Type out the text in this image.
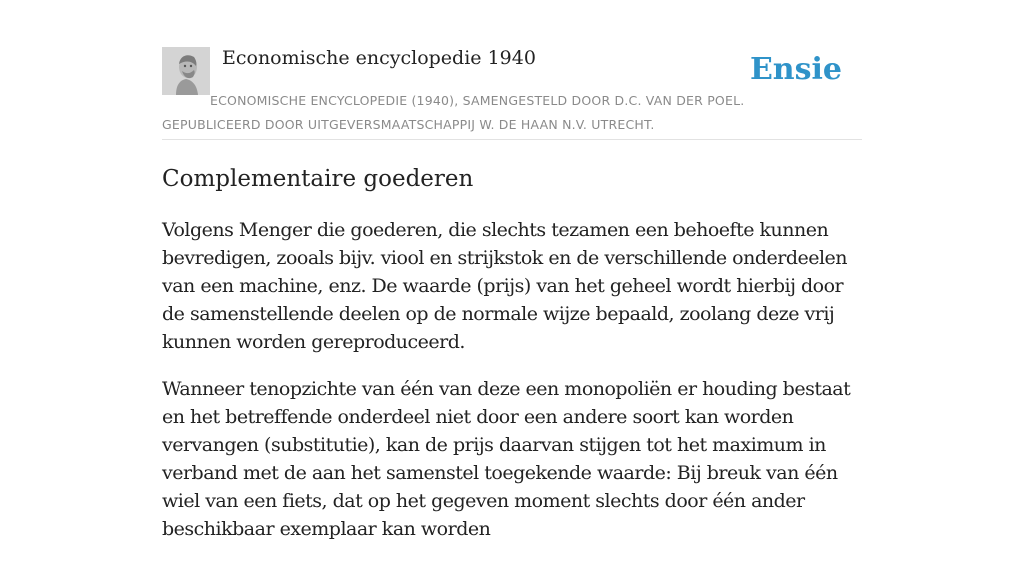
Economische encyclopedie 1940	Ensie
ECONOMISCHE ENCYCLOPEDIE (1940), SAMENGESTELD DOOR D.C. VAN DER POEL.
GEPUBLICEERD DOOR UITGEVERSMAATSCHAPPIJ W. DE HAAN N.V. UTRECHT.
Complementaire goederen

Volgens Menger die goederen, die slechts tezamen een behoefte kunnen bevredigen, zooals bijv. viool en strijkstok en de verschillende onderdeelen van een machine, enz. De waarde (prijs) van het geheel wordt hierbij door de samenstellende deelen op de normale wijze bepaald, zoolang deze vrij kunnen worden gereproduceerd.

Wanneer tenopzichte van één van deze een monopoliën er houding bestaat en het betreffende onderdeel niet door een andere soort kan worden vervangen (substitutie), kan de prijs daarvan stijgen tot het maximum in verband met de aan het samenstel toegekende waarde: Bij breuk van één wiel van een fiets, dat op het gegeven moment slechts door één ander beschikbaar exemplaar kan worden
